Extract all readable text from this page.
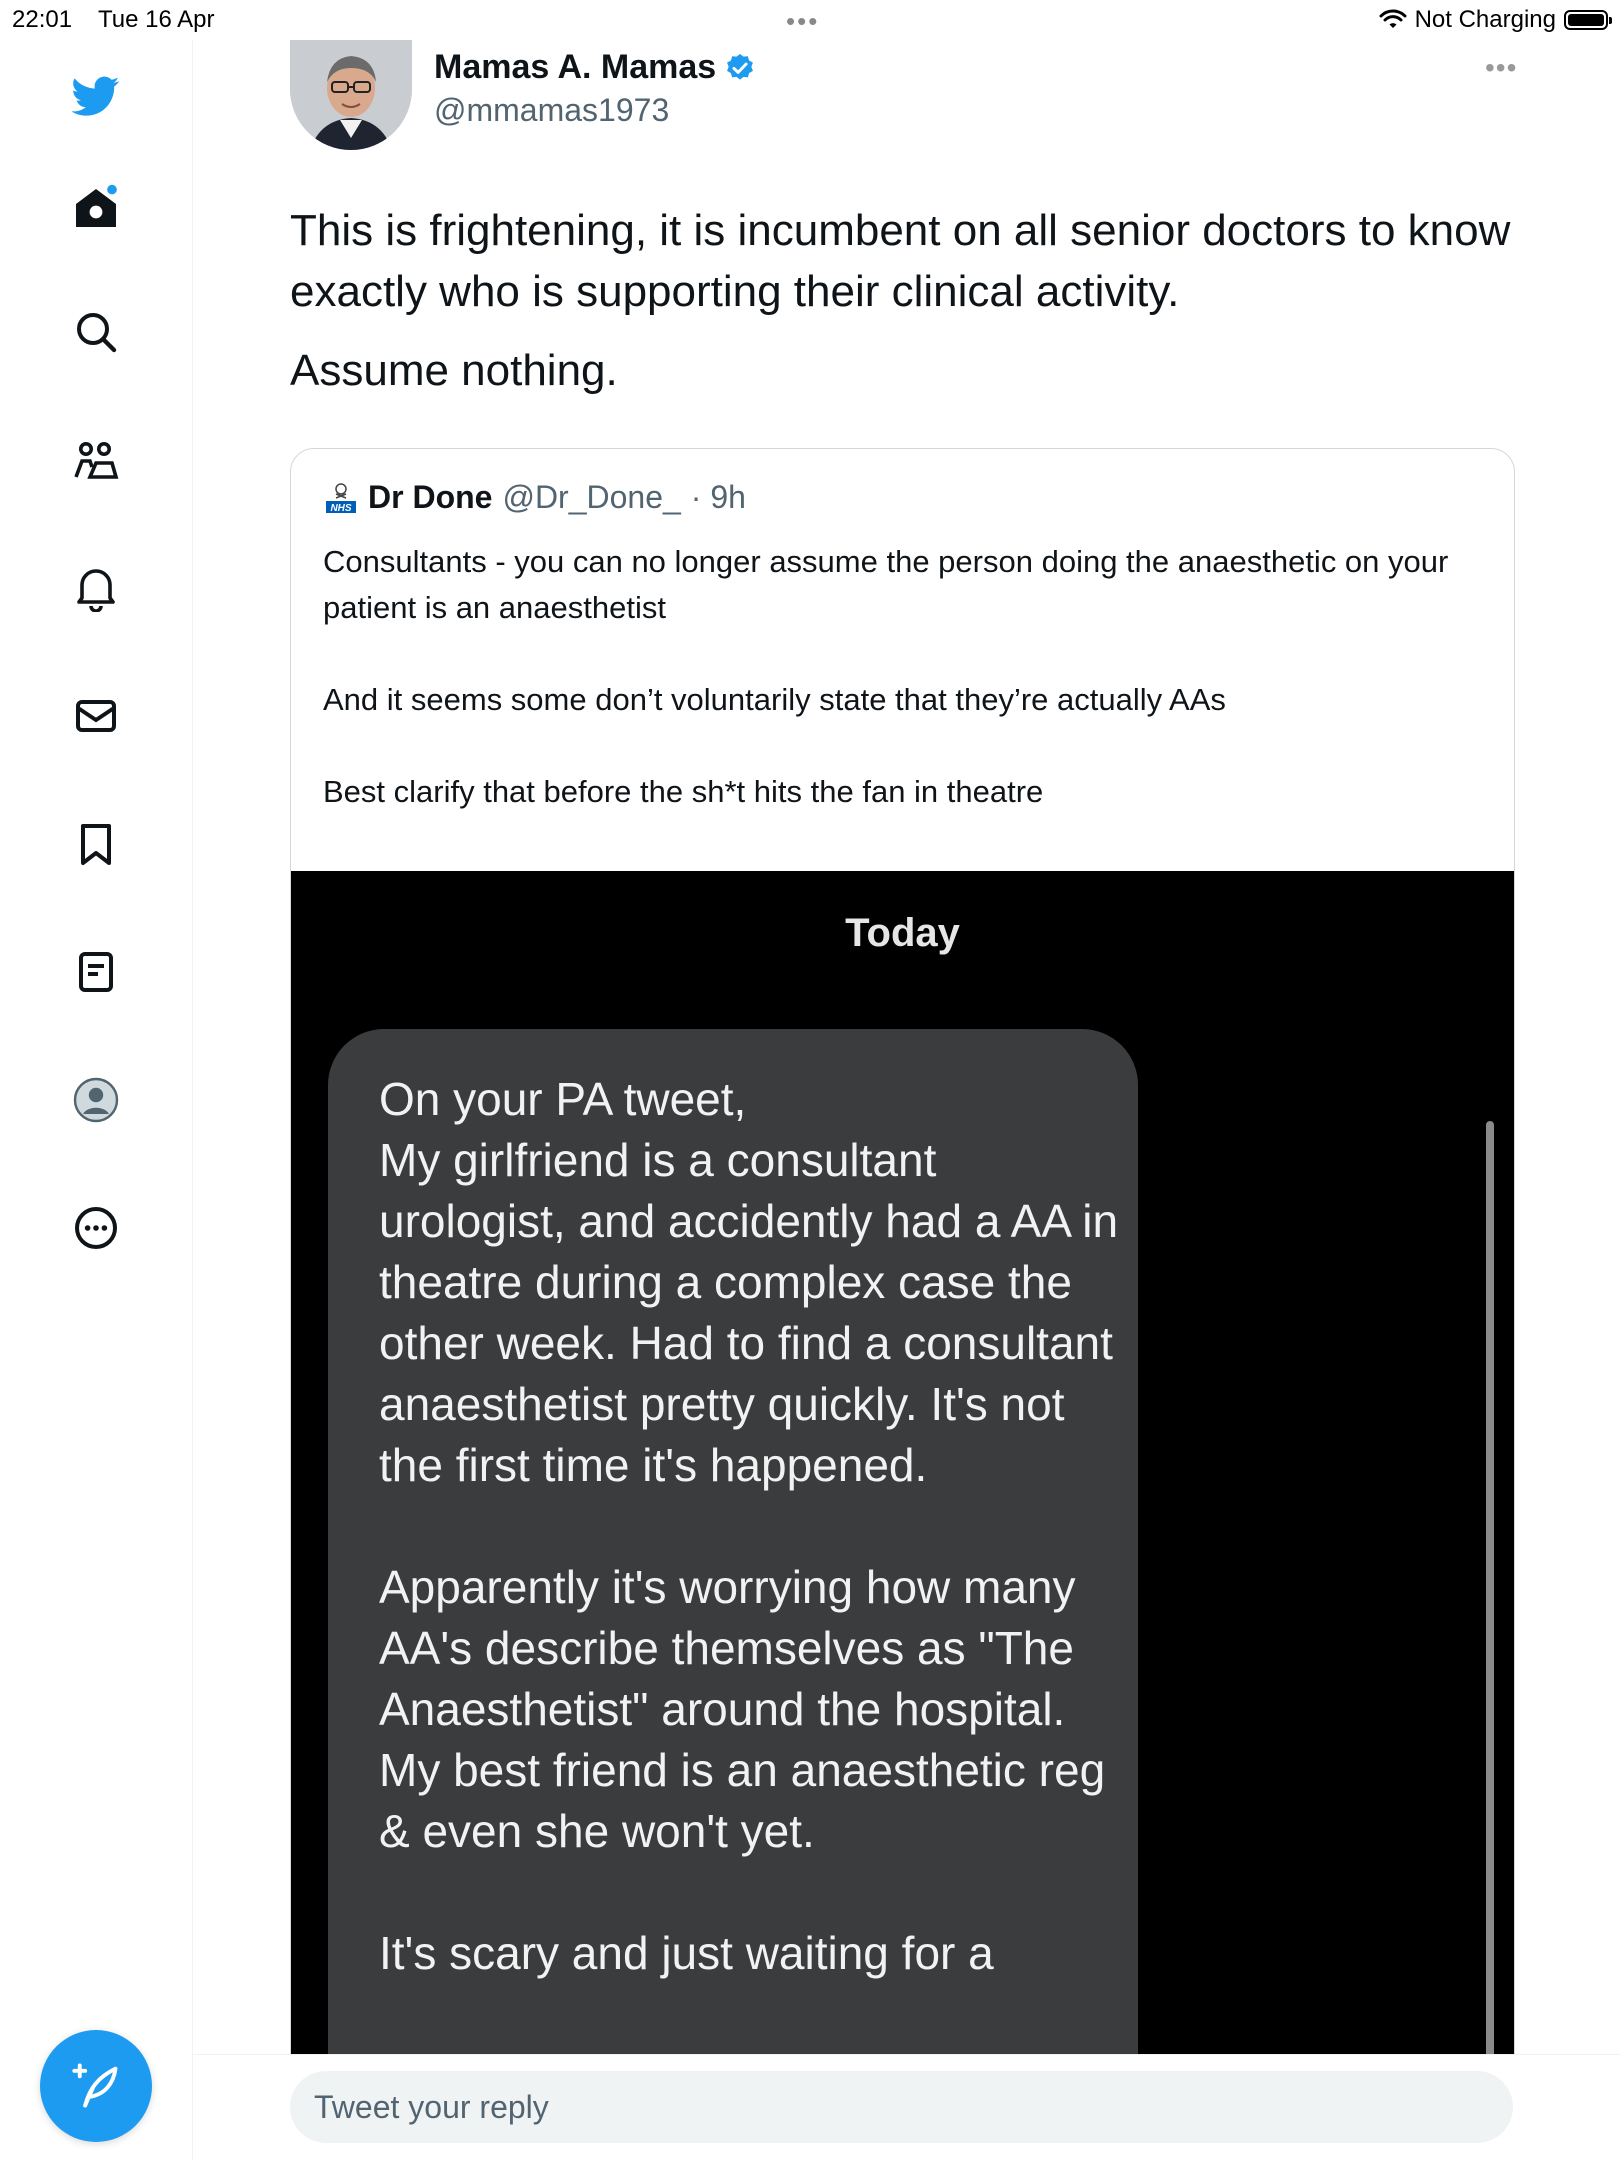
22:01 Tue 16 Apr	•••	Not Charging
Mamas A. Mamas
@mmamas1973
•••

This is frightening, it is incumbent on all senior doctors to know exactly who is supporting their clinical activity.

Assume nothing.

NHS Dr Done @Dr_Done_ · 9h

Consultants - you can no longer assume the person doing the anaesthetic on your patient is an anaesthetist

And it seems some don’t voluntarily state that they’re actually AAs

Best clarify that before the sh*t hits the fan in theatre

Today
On your PA tweet,
My girlfriend is a consultant urologist, and accidently had a AA in theatre during a complex case the other week. Had to find a consultant anaesthetist pretty quickly. It's not the first time it's happened.

Apparently it's worrying how many AA's describe themselves as "The Anaesthetist" around the hospital. My best friend is an anaesthetic reg & even she won't yet.

It's scary and just waiting for a
Tweet your reply
